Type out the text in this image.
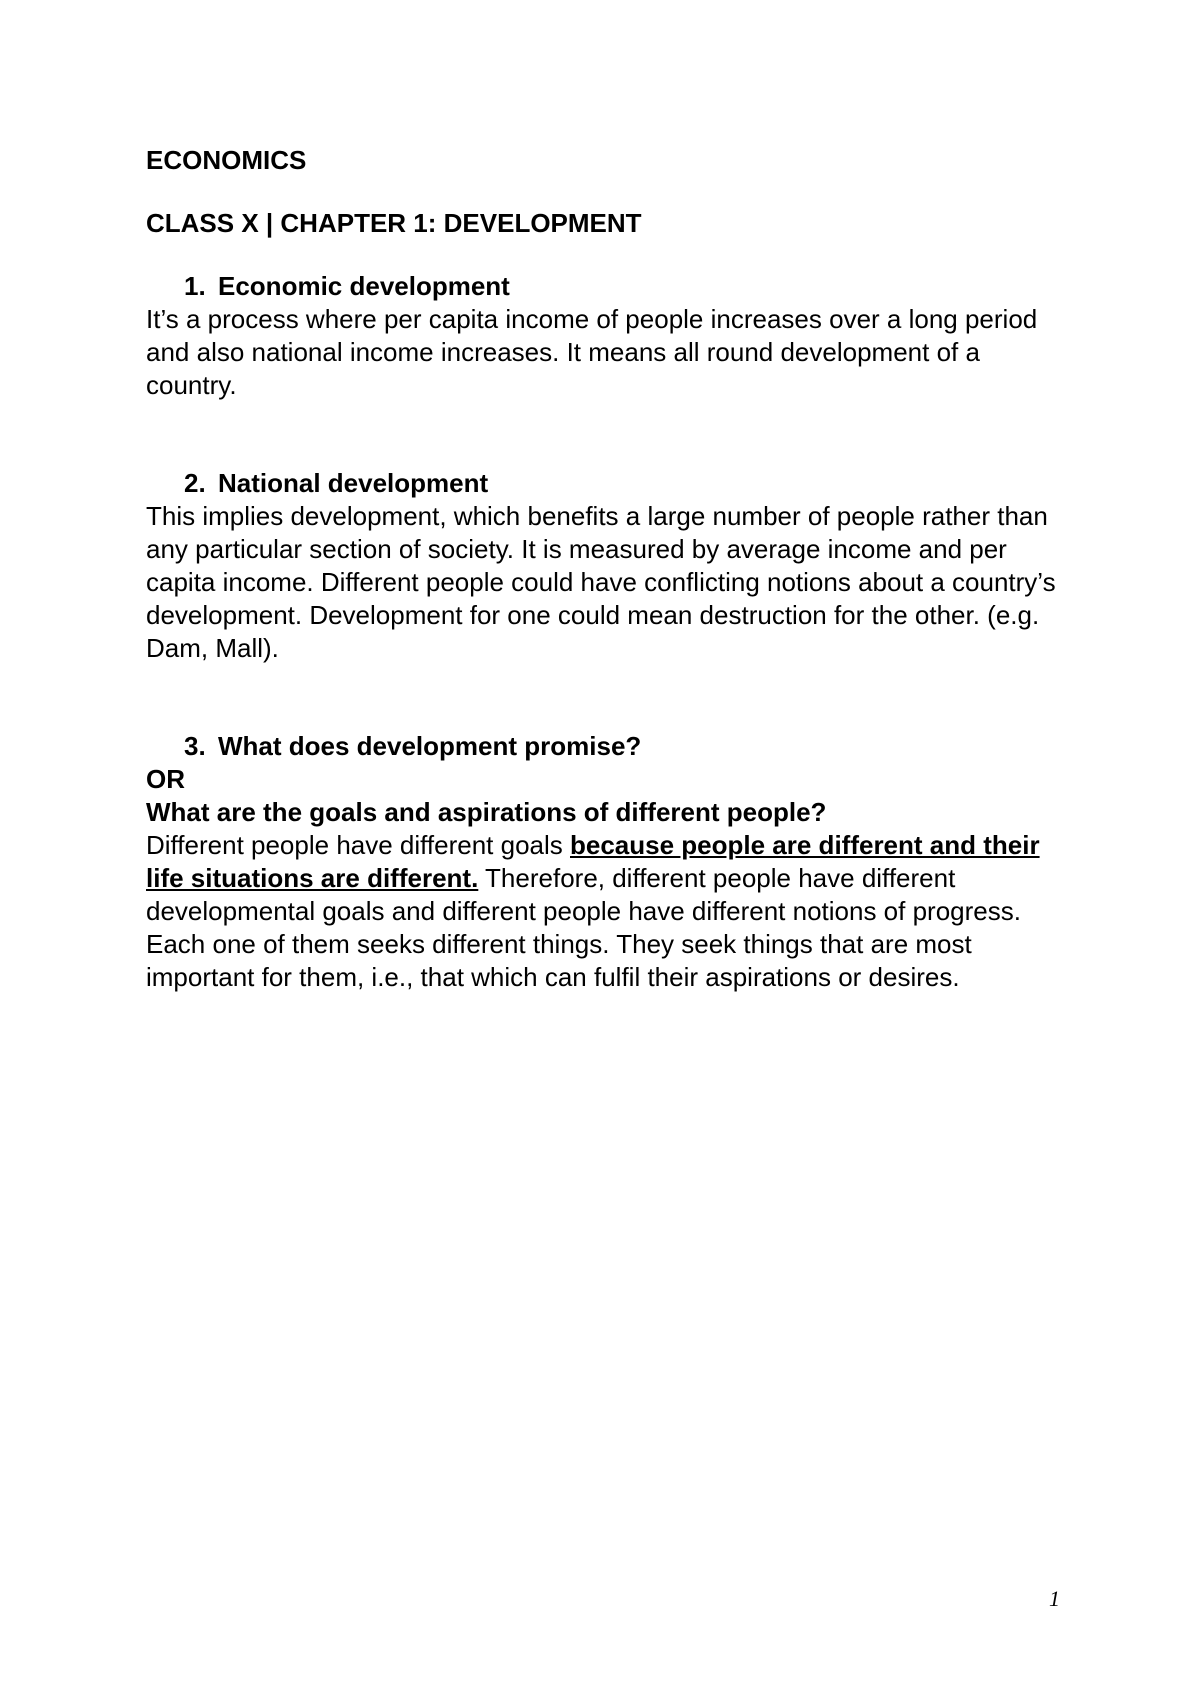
ECONOMICS

CLASS X | CHAPTER 1: DEVELOPMENT

1. Economic development

It’s a process where per capita income of people increases over a long period and also national income increases. It means all round development of a country.

2. National development

This implies development, which benefits a large number of people rather than any particular section of society. It is measured by average income and per capita income. Different people could have conflicting notions about a country’s development. Development for one could mean destruction for the other. (e.g. Dam, Mall).

3. What does development promise?

OR

What are the goals and aspirations of different people?

Different people have different goals because people are different and their life situations are different. Therefore, different people have different developmental goals and different people have different notions of progress. Each one of them seeks different things. They seek things that are most important for them, i.e., that which can fulfil their aspirations or desires.

1
